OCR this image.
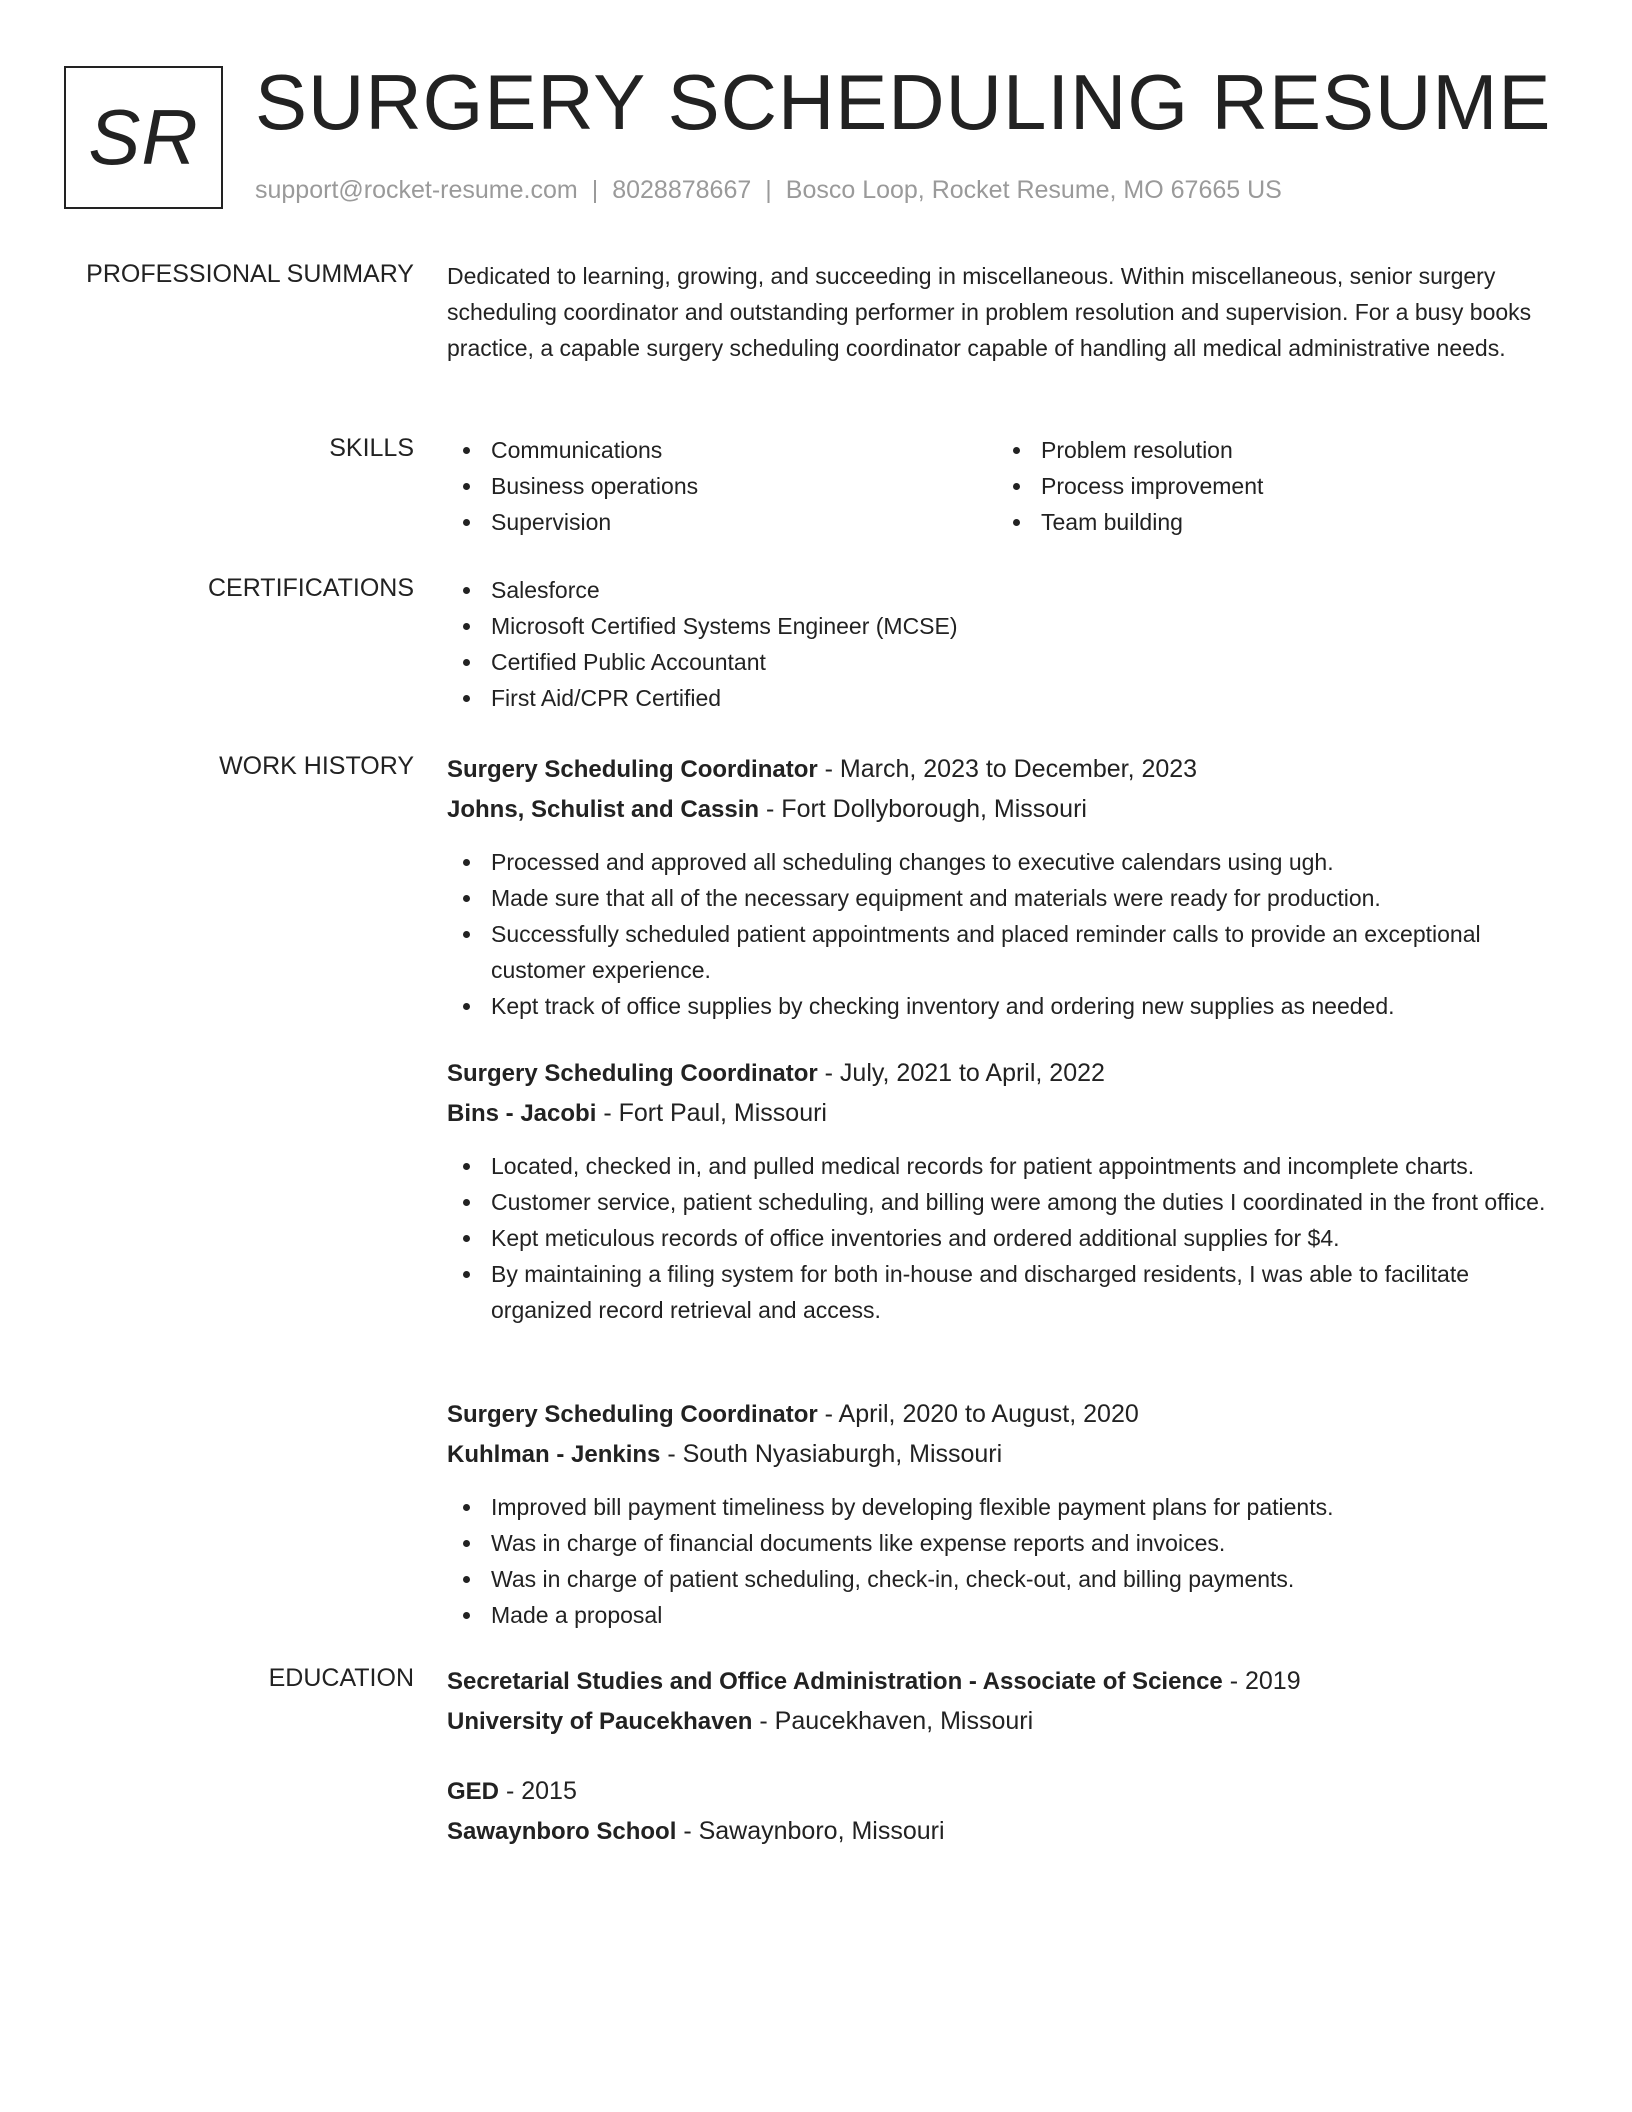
SR SURGERY SCHEDULING RESUME
support@rocket-resume.com | 8028878667 | Bosco Loop, Rocket Resume, MO 67665 US
PROFESSIONAL SUMMARY Dedicated to learning, growing, and succeeding in miscellaneous. Within miscellaneous, senior surgery scheduling coordinator and outstanding performer in problem resolution and supervision. For a busy books practice, a capable surgery scheduling coordinator capable of handling all medical administrative needs.

SKILLS	Communications
Business operations
Supervision
Problem resolution
Process improvement
Team building
CERTIFICATIONS	Salesforce
Microsoft Certified Systems Engineer (MCSE)
Certified Public Accountant
First Aid/CPR Certified
WORK HISTORY Surgery Scheduling Coordinator - March, 2023 to December, 2023
Johns, Schulist and Cassin - Fort Dollyborough, Missouri
Processed and approved all scheduling changes to executive calendars using ugh.
Made sure that all of the necessary equipment and materials were ready for production.
Successfully scheduled patient appointments and placed reminder calls to provide an exceptional customer experience.
Kept track of office supplies by checking inventory and ordering new supplies as needed.
Surgery Scheduling Coordinator - July, 2021 to April, 2022
Bins - Jacobi - Fort Paul, Missouri
Located, checked in, and pulled medical records for patient appointments and incomplete charts.
Customer service, patient scheduling, and billing were among the duties I coordinated in the front office.
Kept meticulous records of office inventories and ordered additional supplies for $4.
By maintaining a filing system for both in-house and discharged residents, I was able to facilitate organized record retrieval and access.
Surgery Scheduling Coordinator - April, 2020 to August, 2020
Kuhlman - Jenkins - South Nyasiaburgh, Missouri
Improved bill payment timeliness by developing flexible payment plans for patients.
Was in charge of financial documents like expense reports and invoices.
Was in charge of patient scheduling, check-in, check-out, and billing payments.
Made a proposal
EDUCATION Secretarial Studies and Office Administration - Associate of Science - 2019
University of Paucekhaven - Paucekhaven, Missouri
GED - 2015
Sawaynboro School - Sawaynboro, Missouri
